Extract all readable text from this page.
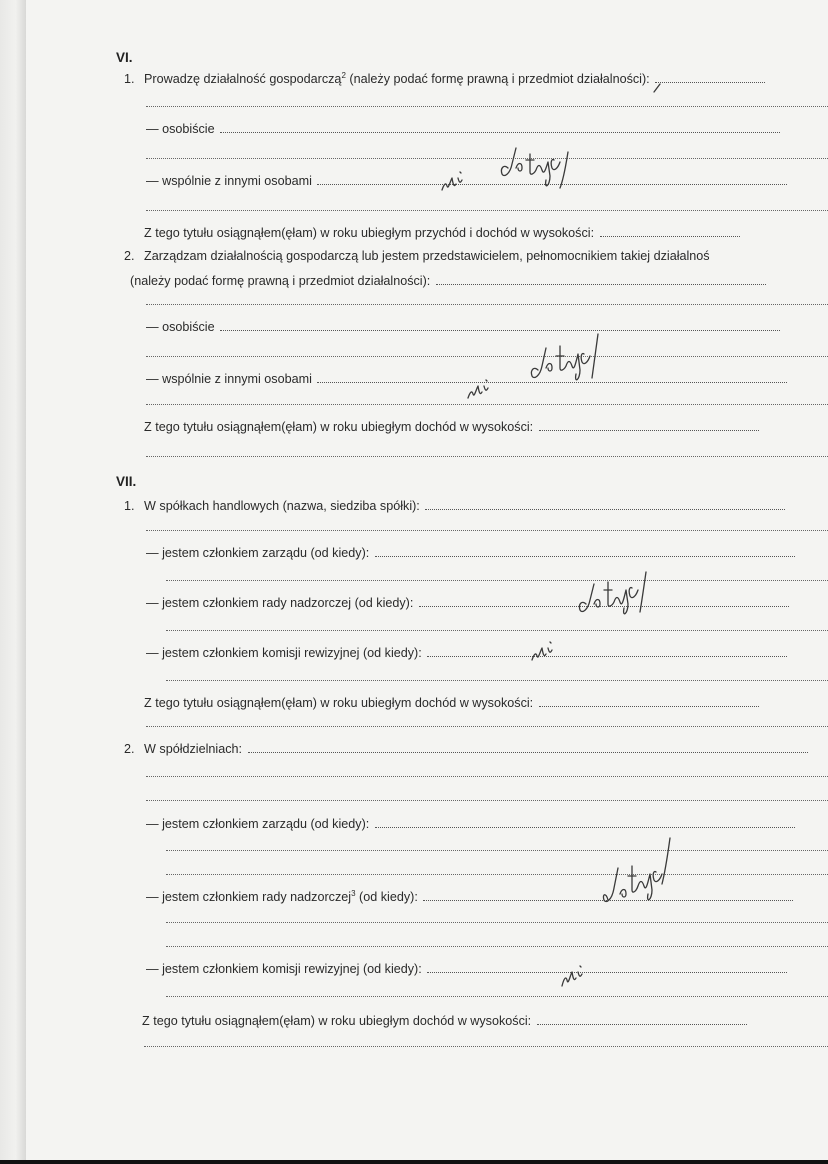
VI.
1. Prowadzę działalność gospodarczą$^2$ (należy podać formę prawną i przedmiot działalności):
— osobiście
— wspólnie z innymi osobami
Z tego tytułu osiągnąłem(ęłam) w roku ubiegłym przychód i dochód w wysokości:
2. Zarządzam działalnością gospodarczą lub jestem przedstawicielem, pełnomocnikiem takiej działalnoś
(należy podać formę prawną i przedmiot działalności):
— osobiście
— wspólnie z innymi osobami
Z tego tytułu osiągnąłem(ęłam) w roku ubiegłym dochód w wysokości:
VII.
1. W spółkach handlowych (nazwa, siedziba spółki):
— jestem członkiem zarządu (od kiedy):
— jestem członkiem rady nadzorczej (od kiedy):
— jestem członkiem komisji rewizyjnej (od kiedy):
Z tego tytułu osiągnąłem(ęłam) w roku ubiegłym dochód w wysokości:
2. W spółdzielniach:
— jestem członkiem zarządu (od kiedy):
— jestem członkiem rady nadzorczej$^3$ (od kiedy):
— jestem członkiem komisji rewizyjnej (od kiedy):
Z tego tytułu osiągnąłem(ęłam) w roku ubiegłym dochód w wysokości:
